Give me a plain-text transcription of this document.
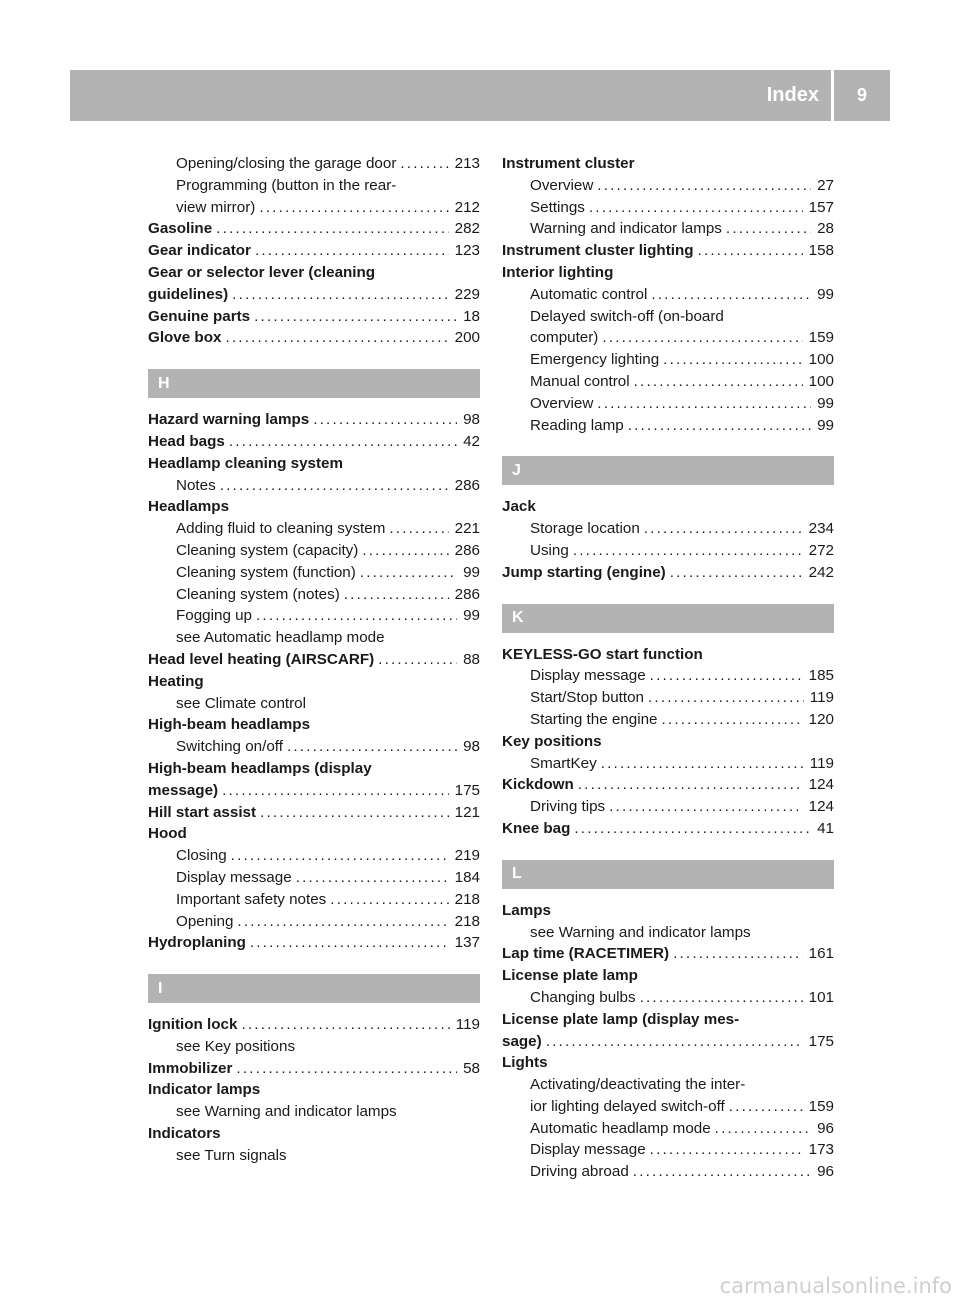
Index	9
Opening/closing the garage door .....	213
Programming (button in the rear-
view mirror) .....	212
Gasoline .....	282
Gear indicator .....	123
Gear or selector lever (cleaning
guidelines) .....	229
Genuine parts .....	18
Glove box .....	200
H
Hazard warning lamps .....	98
Head bags .....	42
Headlamp cleaning system
Notes .....	286
Headlamps
Adding fluid to cleaning system .....	221
Cleaning system (capacity) .....	286
Cleaning system (function) .....	99
Cleaning system (notes) .....	286
Fogging up .....	99
see Automatic headlamp mode
Head level heating (AIRSCARF) .....	88
Heating
see Climate control
High-beam headlamps
Switching on/off .....	98
High-beam headlamps (display
message) .....	175
Hill start assist .....	121
Hood
Closing .....	219
Display message .....	184
Important safety notes .....	218
Opening .....	218
Hydroplaning .....	137
I
Ignition lock .....	119
see Key positions
Immobilizer .....	58
Indicator lamps
see Warning and indicator lamps
Indicators
see Turn signals
Instrument cluster
Overview .....	27
Settings .....	157
Warning and indicator lamps .....	28
Instrument cluster lighting .....	158
Interior lighting
Automatic control .....	99
Delayed switch-off (on-board
computer) .....	159
Emergency lighting .....	100
Manual control .....	100
Overview .....	99
Reading lamp .....	99
J
Jack
Storage location .....	234
Using .....	272
Jump starting (engine) .....	242
K
KEYLESS-GO start function
Display message .....	185
Start/Stop button .....	119
Starting the engine .....	120
Key positions
SmartKey .....	119
Kickdown .....	124
Driving tips .....	124
Knee bag .....	41
L
Lamps
see Warning and indicator lamps
Lap time (RACETIMER) .....	161
License plate lamp
Changing bulbs .....	101
License plate lamp (display mes-
sage) .....	175
Lights
Activating/deactivating the inter-
ior lighting delayed switch-off .....	159
Automatic headlamp mode .....	96
Display message .....	173
Driving abroad .....	96
carmanualsonline.info
